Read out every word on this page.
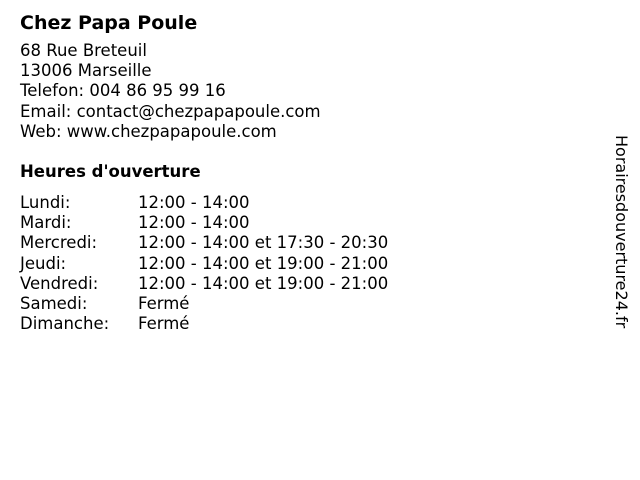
Chez Papa Poule
68 Rue Breteuil
13006 Marseille
Telefon: 004 86 95 99 16
Email: contact@chezpapapoule.com
Web: www.chezpapapoule.com
Heures d'ouverture
Lundi:	12:00 - 14:00
Mardi:	12:00 - 14:00
Mercredi:	12:00 - 14:00 et 17:30 - 20:30
Jeudi:	12:00 - 14:00 et 19:00 - 21:00
Vendredi:	12:00 - 14:00 et 19:00 - 21:00
Samedi:	Fermé
Dimanche:	Fermé	Horairesdouverture24.fr
